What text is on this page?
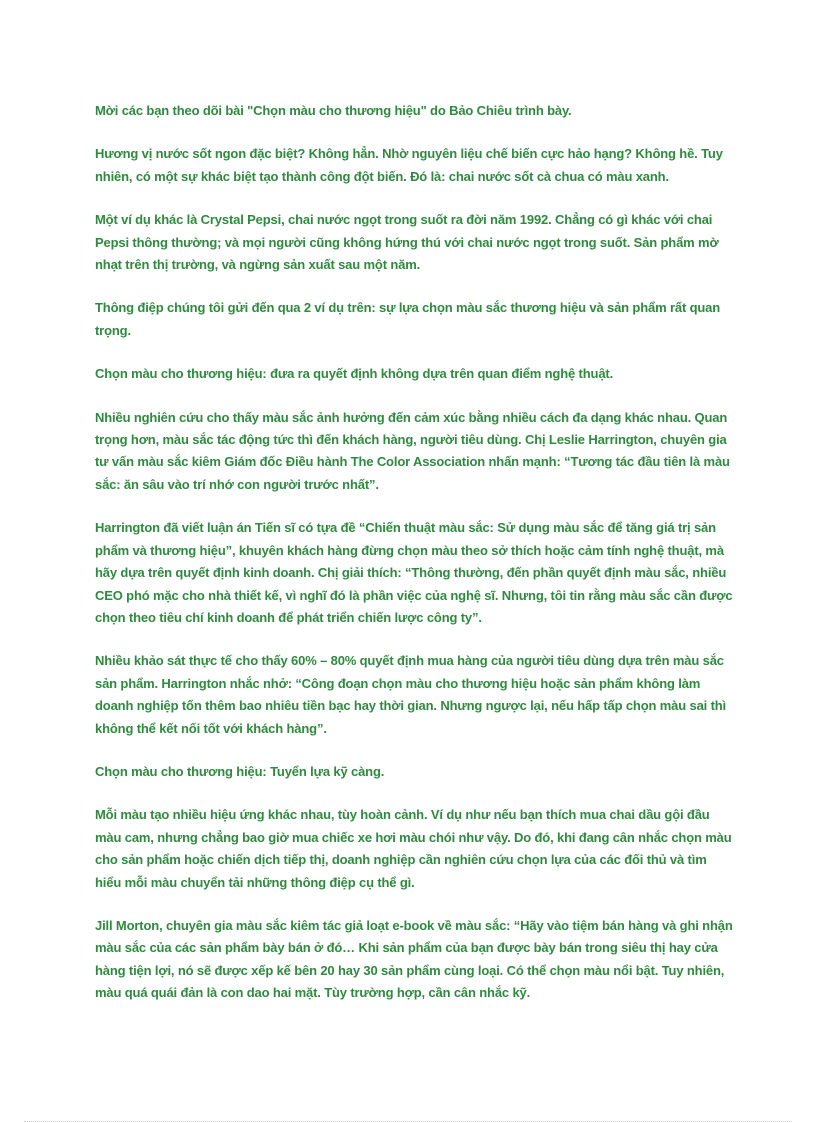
Mời các bạn theo dõi bài "Chọn màu cho thương hiệu" do Bảo Chiêu trình bày.

Hương vị nước sốt ngon đặc biệt? Không hẳn. Nhờ nguyên liệu chế biến cực hảo hạng? Không hề. Tuy nhiên, có một sự khác biệt tạo thành công đột biến. Đó là: chai nước sốt cà chua có màu xanh.

Một ví dụ khác là Crystal Pepsi, chai nước ngọt trong suốt ra đời năm 1992. Chẳng có gì khác với chai Pepsi thông thường; và mọi người cũng không hứng thú với chai nước ngọt trong suốt. Sản phẩm mờ nhạt trên thị trường, và ngừng sản xuất sau một năm.

Thông điệp chúng tôi gửi đến qua 2 ví dụ trên: sự lựa chọn màu sắc thương hiệu và sản phẩm rất quan trọng.

Chọn màu cho thương hiệu: đưa ra quyết định không dựa trên quan điểm nghệ thuật.

Nhiều nghiên cứu cho thấy màu sắc ảnh hưởng đến cảm xúc bằng nhiều cách đa dạng khác nhau. Quan trọng hơn, màu sắc tác động tức thì đến khách hàng, người tiêu dùng. Chị Leslie Harrington, chuyên gia tư vấn màu sắc kiêm Giám đốc Điều hành The Color Association nhấn mạnh: “Tương tác đầu tiên là màu sắc: ăn sâu vào trí nhớ con người trước nhất”.

Harrington đã viết luận án Tiến sĩ có tựa đề “Chiến thuật màu sắc: Sử dụng màu sắc để tăng giá trị sản phẩm và thương hiệu”, khuyên khách hàng đừng chọn màu theo sở thích hoặc cảm tính nghệ thuật, mà hãy dựa trên quyết định kinh doanh. Chị giải thích: “Thông thường, đến phần quyết định màu sắc, nhiều CEO phó mặc cho nhà thiết kế, vì nghĩ đó là phần việc của nghệ sĩ. Nhưng, tôi tin rằng màu sắc cần được chọn theo tiêu chí kinh doanh để phát triển chiến lược công ty”.

Nhiều khảo sát thực tế cho thấy 60% – 80% quyết định mua hàng của người tiêu dùng dựa trên màu sắc sản phẩm. Harrington nhắc nhở: “Công đoạn chọn màu cho thương hiệu hoặc sản phẩm không làm doanh nghiệp tốn thêm bao nhiêu tiền bạc hay thời gian. Nhưng ngược lại, nếu hấp tấp chọn màu sai thì không thể kết nối tốt với khách hàng”.

Chọn màu cho thương hiệu: Tuyển lựa kỹ càng.

Mỗi màu tạo nhiều hiệu ứng khác nhau, tùy hoàn cảnh. Ví dụ như nếu bạn thích mua chai dầu gội đầu màu cam, nhưng chẳng bao giờ mua chiếc xe hơi màu chói như vậy. Do đó, khi đang cân nhắc chọn màu cho sản phẩm hoặc chiến dịch tiếp thị, doanh nghiệp cần nghiên cứu chọn lựa của các đối thủ và tìm hiểu mỗi màu chuyển tải những thông điệp cụ thể gì.

Jill Morton, chuyên gia màu sắc kiêm tác giả loạt e-book về màu sắc: “Hãy vào tiệm bán hàng và ghi nhận màu sắc của các sản phẩm bày bán ở đó… Khi sản phẩm của bạn được bày bán trong siêu thị hay cửa hàng tiện lợi, nó sẽ được xếp kế bên 20 hay 30 sản phẩm cùng loại. Có thể chọn màu nổi bật. Tuy nhiên, màu quá quái đản là con dao hai mặt. Tùy trường hợp, cần cân nhắc kỹ.
